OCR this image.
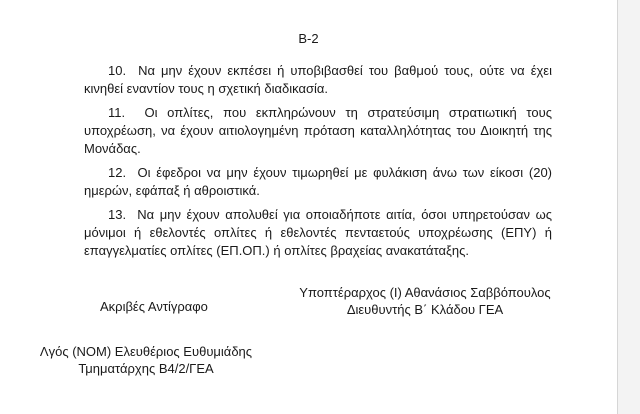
B-2

10. Να μην έχουν εκπέσει ή υποβιβασθεί του βαθμού τους, ούτε να έχει κινηθεί εναντίον τους η σχετική διαδικασία.

11. Οι οπλίτες, που εκπληρώνουν τη στρατεύσιμη στρατιωτική τους υποχρέωση, να έχουν αιτιολογημένη πρόταση καταλληλότητας του Διοικητή της Μονάδας.

12. Οι έφεδροι να μην έχουν τιμωρηθεί με φυλάκιση άνω των είκοσι (20) ημερών, εφάπαξ ή αθροιστικά.

13. Να μην έχουν απολυθεί για οποιαδήποτε αιτία, όσοι υπηρετούσαν ως μόνιμοι ή εθελοντές οπλίτες ή εθελοντές πενταετούς υποχρέωσης (ΕΠΥ) ή επαγγελματίες οπλίτες (ΕΠ.ΟΠ.) ή οπλίτες βραχείας ανακατάταξης.

Υποπτέραρχος (Ι) Αθανάσιος Σαββόπουλος
Διευθυντής Β΄ Κλάδου ΓΕΑ
Ακριβές Αντίγραφο
Λγός (ΝΟΜ) Ελευθέριος Ευθυμιάδης
Τμηματάρχης Β4/2/ΓΕΑ
